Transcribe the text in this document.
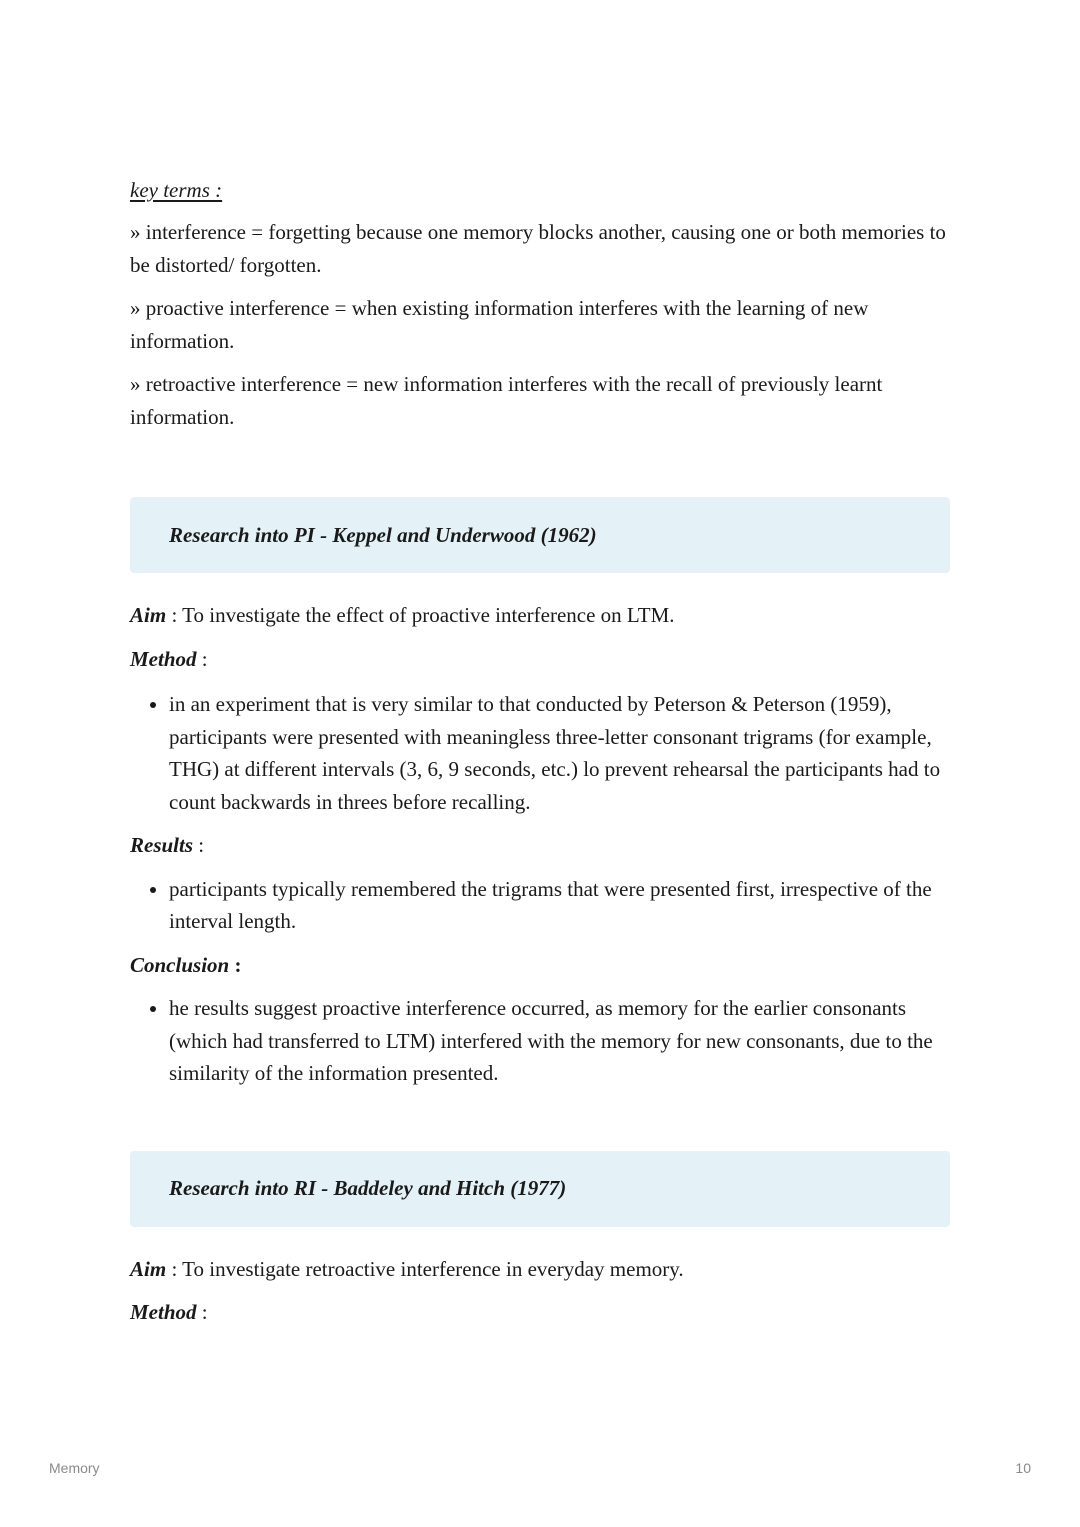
key terms :

» interference = forgetting because one memory blocks another, causing one or both memories to be distorted/ forgotten.

» proactive interference = when existing information interferes with the learning of new information.

» retroactive interference = new information interferes with the recall of previously learnt information.

Research into PI - Keppel and Underwood (1962)

Aim : To investigate the effect of proactive interference on LTM.

Method :

• in an experiment that is very similar to that conducted by Peterson & Peterson (1959), participants were presented with meaningless three-letter consonant trigrams (for example, THG) at different intervals (3, 6, 9 seconds, etc.) lo prevent rehearsal the participants had to count backwards in threes before recalling.

Results :

• participants typically remembered the trigrams that were presented first, irrespective of the interval length.

Conclusion :

• he results suggest proactive interference occurred, as memory for the earlier consonants (which had transferred to LTM) interfered with the memory for new consonants, due to the similarity of the information presented.
Research into RI - Baddeley and Hitch (1977)

Aim : To investigate retroactive interference in everyday memory.

Method :

Memory	10
